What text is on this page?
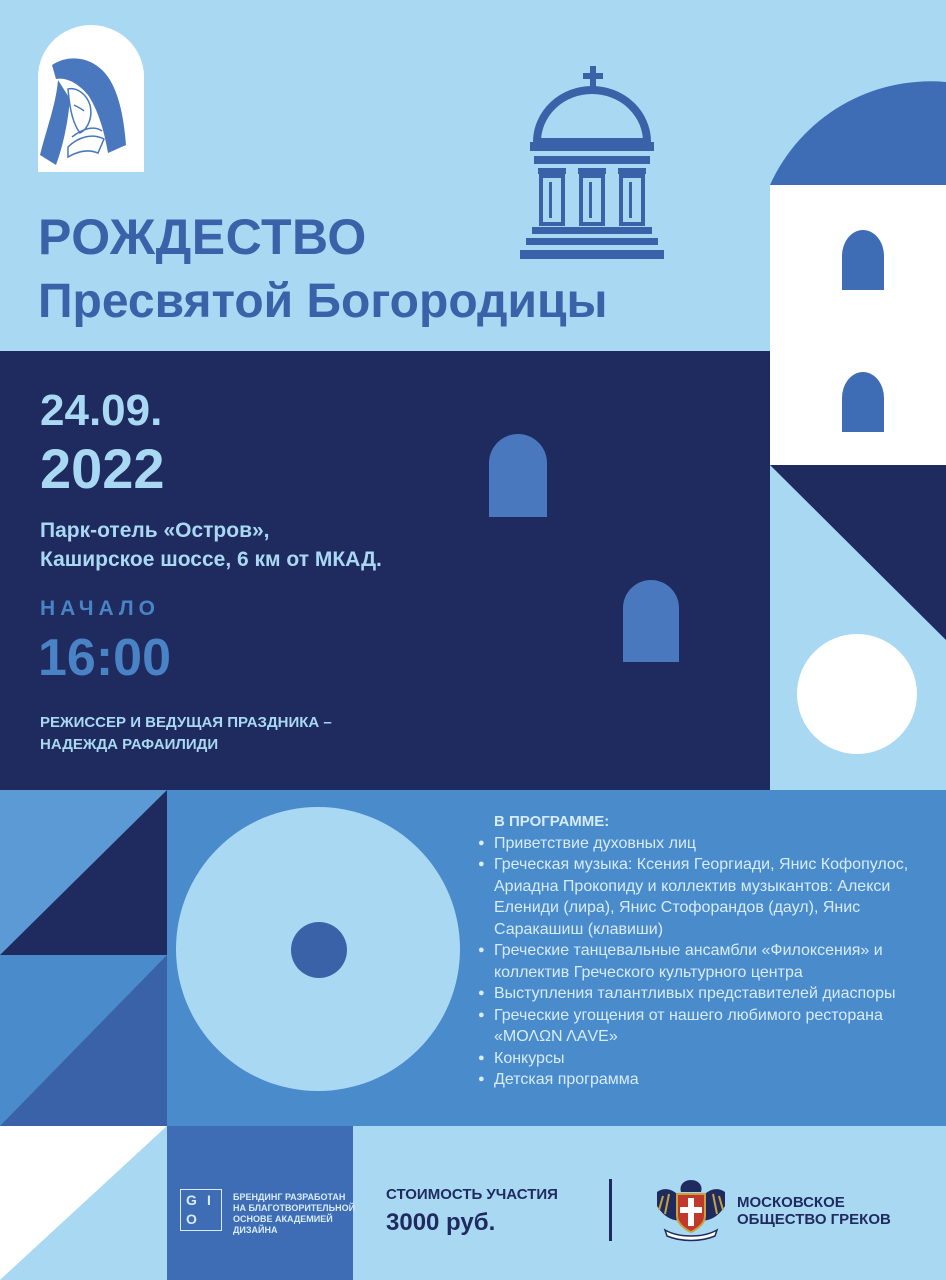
РОЖДЕСТВО
Пресвятой Богородицы
24.09.
2022
Парк-отель «Остров»,
Каширское шоссе, 6 км от МКАД.
НАЧАЛО
16:00
РЕЖИССЕР И ВЕДУЩАЯ ПРАЗДНИКА –
НАДЕЖДА РАФАИЛИДИ
В ПРОГРАММЕ:
● Приветствие духовных лиц
● Греческая музыка: Ксения Георгиади, Янис Кофопулос, Ариадна Прокопиду и коллектив музыкантов: Алекси Елениди (лира), Янис Стофорандов (даул), Янис Саракашиш (клавиши)
● Греческие танцевальные ансамбли «Филоксения» и коллектив Греческого культурного центра
● Выступления талантливых представителей диаспоры
● Греческие угощения от нашего любимого ресторана «ΜΟΛΩΝ ΛΑVE»
● Конкурсы
● Детская программа
G I
O
БРЕНДИНГ РАЗРАБОТАН
НА БЛАГОТВОРИТЕЛЬНОЙ
ОСНОВЕ АКАДЕМИЕЙ
ДИЗАЙНА
СТОИМОСТЬ УЧАСТИЯ
3000 руб.
МОСКОВСКОЕ
ОБЩЕСТВО ГРЕКОВ
